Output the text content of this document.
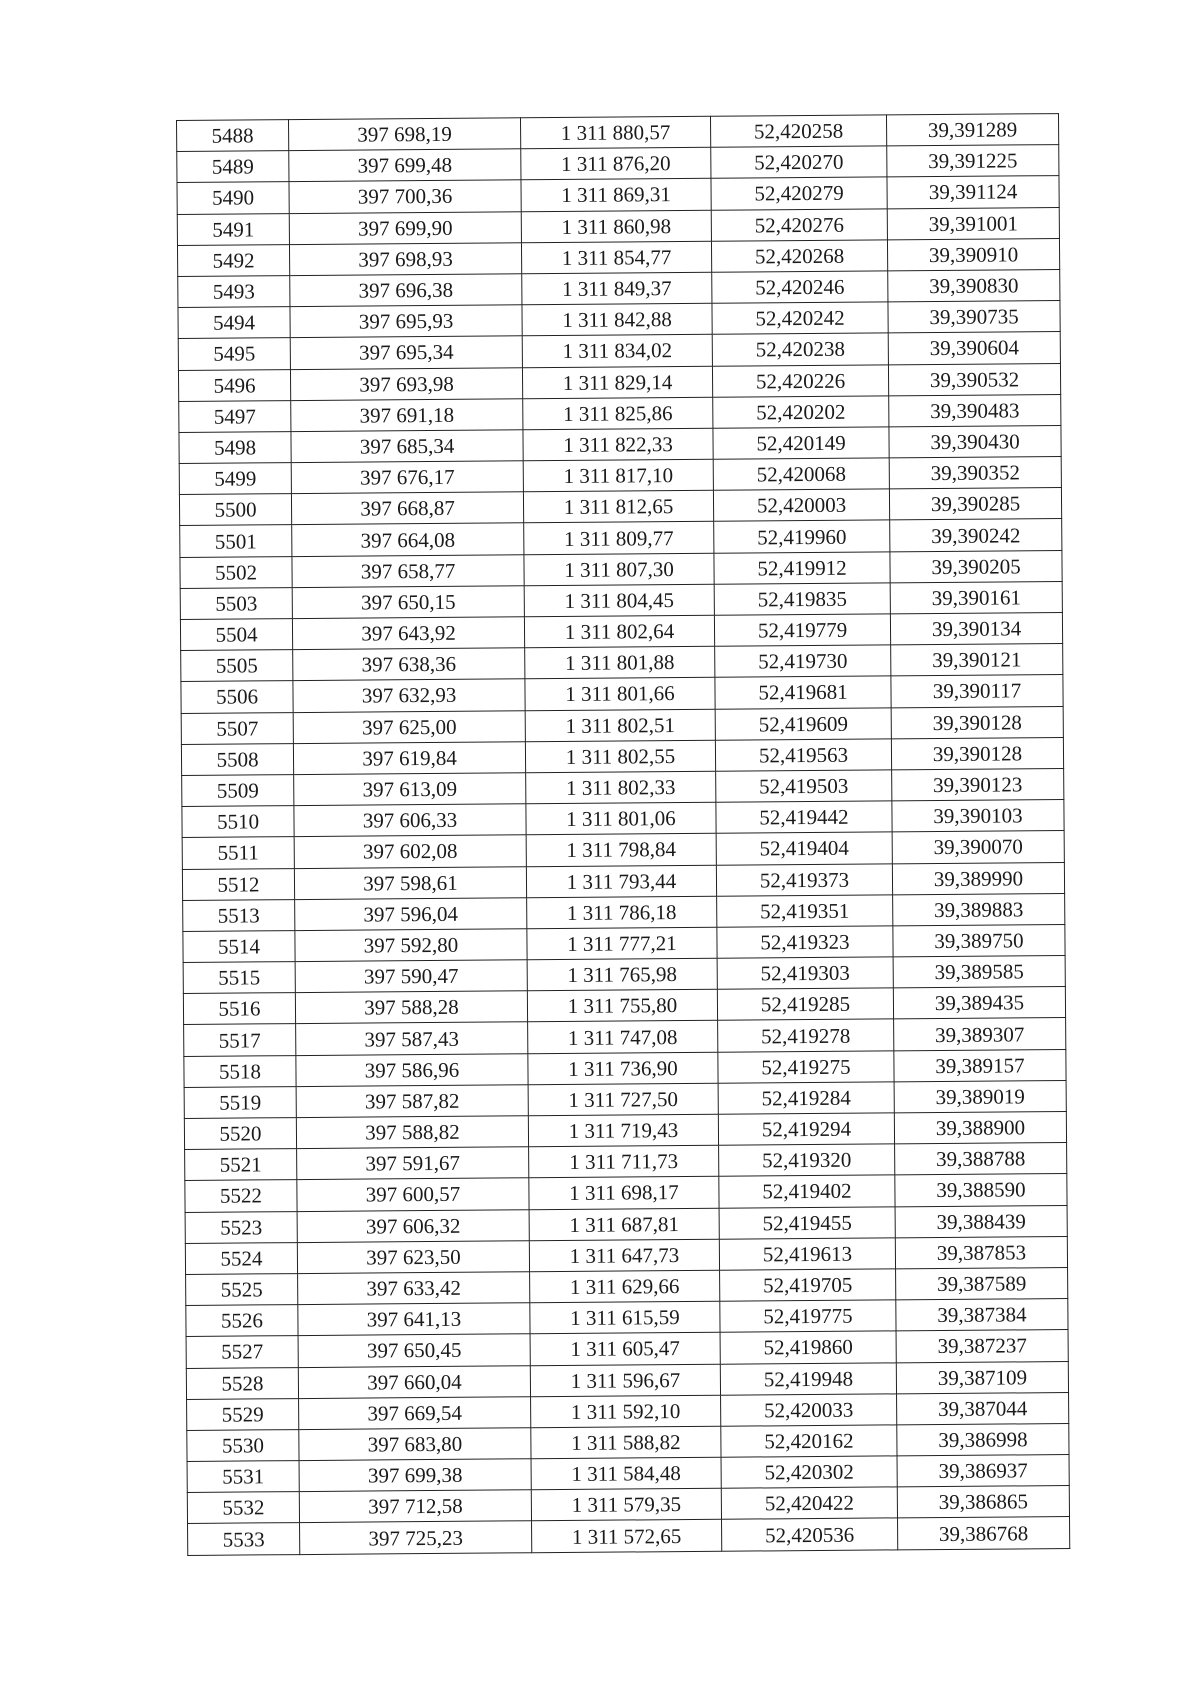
5488	397 698,19	1 311 880,57	52,420258	39,391289
5489	397 699,48	1 311 876,20	52,420270	39,391225
5490	397 700,36	1 311 869,31	52,420279	39,391124
5491	397 699,90	1 311 860,98	52,420276	39,391001
5492	397 698,93	1 311 854,77	52,420268	39,390910
5493	397 696,38	1 311 849,37	52,420246	39,390830
5494	397 695,93	1 311 842,88	52,420242	39,390735
5495	397 695,34	1 311 834,02	52,420238	39,390604
5496	397 693,98	1 311 829,14	52,420226	39,390532
5497	397 691,18	1 311 825,86	52,420202	39,390483
5498	397 685,34	1 311 822,33	52,420149	39,390430
5499	397 676,17	1 311 817,10	52,420068	39,390352
5500	397 668,87	1 311 812,65	52,420003	39,390285
5501	397 664,08	1 311 809,77	52,419960	39,390242
5502	397 658,77	1 311 807,30	52,419912	39,390205
5503	397 650,15	1 311 804,45	52,419835	39,390161
5504	397 643,92	1 311 802,64	52,419779	39,390134
5505	397 638,36	1 311 801,88	52,419730	39,390121
5506	397 632,93	1 311 801,66	52,419681	39,390117
5507	397 625,00	1 311 802,51	52,419609	39,390128
5508	397 619,84	1 311 802,55	52,419563	39,390128
5509	397 613,09	1 311 802,33	52,419503	39,390123
5510	397 606,33	1 311 801,06	52,419442	39,390103
5511	397 602,08	1 311 798,84	52,419404	39,390070
5512	397 598,61	1 311 793,44	52,419373	39,389990
5513	397 596,04	1 311 786,18	52,419351	39,389883
5514	397 592,80	1 311 777,21	52,419323	39,389750
5515	397 590,47	1 311 765,98	52,419303	39,389585
5516	397 588,28	1 311 755,80	52,419285	39,389435
5517	397 587,43	1 311 747,08	52,419278	39,389307
5518	397 586,96	1 311 736,90	52,419275	39,389157
5519	397 587,82	1 311 727,50	52,419284	39,389019
5520	397 588,82	1 311 719,43	52,419294	39,388900
5521	397 591,67	1 311 711,73	52,419320	39,388788
5522	397 600,57	1 311 698,17	52,419402	39,388590
5523	397 606,32	1 311 687,81	52,419455	39,388439
5524	397 623,50	1 311 647,73	52,419613	39,387853
5525	397 633,42	1 311 629,66	52,419705	39,387589
5526	397 641,13	1 311 615,59	52,419775	39,387384
5527	397 650,45	1 311 605,47	52,419860	39,387237
5528	397 660,04	1 311 596,67	52,419948	39,387109
5529	397 669,54	1 311 592,10	52,420033	39,387044
5530	397 683,80	1 311 588,82	52,420162	39,386998
5531	397 699,38	1 311 584,48	52,420302	39,386937
5532	397 712,58	1 311 579,35	52,420422	39,386865
5533	397 725,23	1 311 572,65	52,420536	39,386768
